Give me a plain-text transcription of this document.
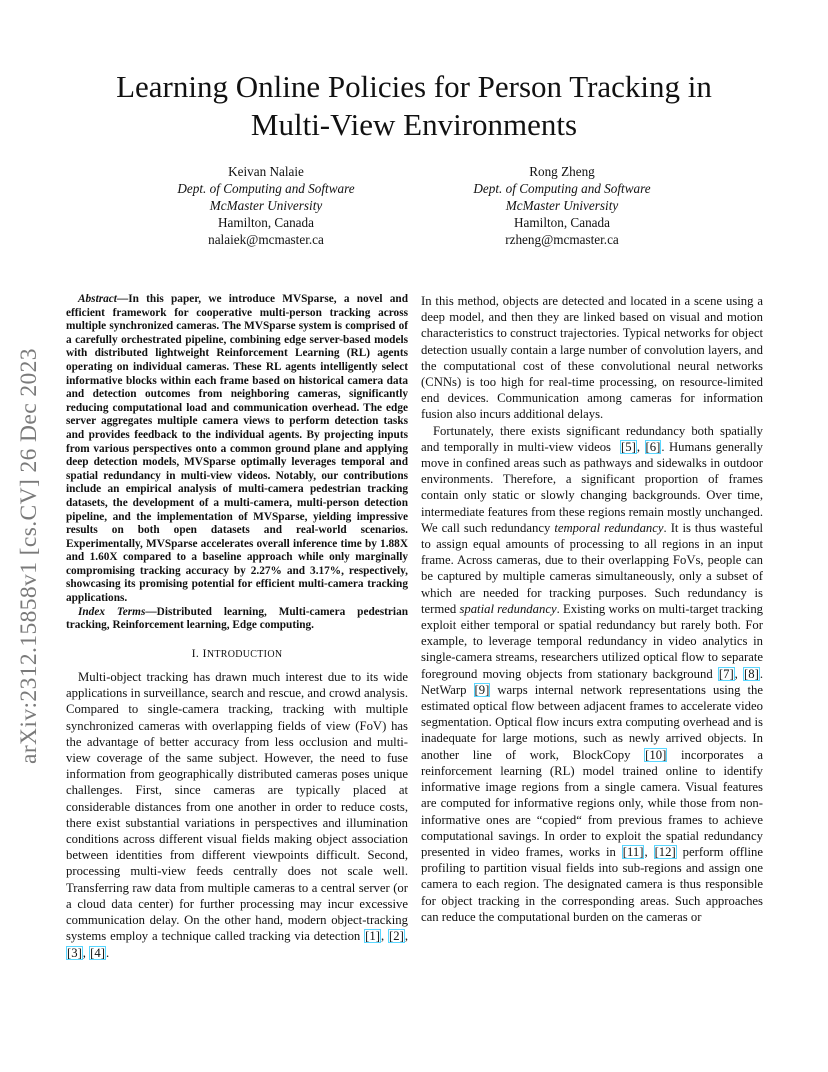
Learning Online Policies for Person Tracking in
Multi-View Environments
Keivan Nalaie
Dept. of Computing and Software
McMaster University
Hamilton, Canada
nalaiek@mcmaster.ca
Rong Zheng
Dept. of Computing and Software
McMaster University
Hamilton, Canada
rzheng@mcmaster.ca
arXiv:2312.15858v1 [cs.CV] 26 Dec 2023

Abstract—In this paper, we introduce MVSparse, a novel and efficient framework for cooperative multi-person tracking across multiple synchronized cameras. The MVSparse system is comprised of a carefully orchestrated pipeline, combining edge server-based models with distributed lightweight Reinforcement Learning (RL) agents operating on individual cameras. These RL agents intelligently select informative blocks within each frame based on historical camera data and detection outcomes from neighboring cameras, significantly reducing computational load and communication overhead. The edge server aggregates multiple camera views to perform detection tasks and provides feedback to the individual agents. By projecting inputs from various perspectives onto a common ground plane and applying deep detection models, MVSparse optimally leverages temporal and spatial redundancy in multi-view videos. Notably, our contributions include an empirical analysis of multi-camera pedestrian tracking datasets, the development of a multi-camera, multi-person detection pipeline, and the implementation of MVSparse, yielding impressive results on both open datasets and real-world scenarios. Experimentally, MVSparse accelerates overall inference time by 1.88X and 1.60X compared to a baseline approach while only marginally compromising tracking accuracy by 2.27% and 3.17%, respectively, showcasing its promising potential for efficient multi-camera tracking applications.

Index Terms—Distributed learning, Multi-camera pedestrian tracking, Reinforcement learning, Edge computing.

I. INTRODUCTION

Multi-object tracking has drawn much interest due to its wide applications in surveillance, search and rescue, and crowd analysis. Compared to single-camera tracking, tracking with multiple synchronized cameras with overlapping fields of view (FoV) has the advantage of better accuracy from less occlusion and multi-view coverage of the same subject. However, the need to fuse information from geographically distributed cameras poses unique challenges. First, since cameras are typically placed at considerable distances from one another in order to reduce costs, there exist substantial variations in perspectives and illumination conditions across different visual fields making object association between identities from different viewpoints difficult. Second, processing multi-view feeds centrally does not scale well. Transferring raw data from multiple cameras to a central server (or a cloud data center) for further processing may incur excessive communication delay. On the other hand, modern object-tracking systems employ a technique called tracking via detection [1], [2], [3], [4].

In this method, objects are detected and located in a scene using a deep model, and then they are linked based on visual and motion characteristics to construct trajectories. Typical networks for object detection usually contain a large number of convolution layers, and the computational cost of these convolutional neural networks (CNNs) is too high for real-time processing, on resource-limited end devices. Communication among cameras for information fusion also incurs additional delays.

Fortunately, there exists significant redundancy both spatially and temporally in multi-view videos [5], [6]. Humans generally move in confined areas such as pathways and sidewalks in outdoor environments. Therefore, a significant proportion of frames contain only static or slowly changing backgrounds. Over time, intermediate features from these regions remain mostly unchanged. We call such redundancy temporal redundancy. It is thus wasteful to assign equal amounts of processing to all regions in an input frame. Across cameras, due to their overlapping FoVs, people can be captured by multiple cameras simultaneously, only a subset of which are needed for tracking purposes. Such redundancy is termed spatial redundancy. Existing works on multi-target tracking exploit either temporal or spatial redundancy but rarely both. For example, to leverage temporal redundancy in video analytics in single-camera streams, researchers utilized optical flow to separate foreground moving objects from stationary background [7], [8]. NetWarp [9] warps internal network representations using the estimated optical flow between adjacent frames to accelerate video segmentation. Optical flow incurs extra computing overhead and is inadequate for large motions, such as newly arrived objects. In another line of work, BlockCopy [10] incorporates a reinforcement learning (RL) model trained online to identify informative image regions from a single camera. Visual features are computed for informative regions only, while those from non-informative ones are “copied“ from previous frames to achieve computational savings. In order to exploit the spatial redundancy presented in video frames, works in [11], [12] perform offline profiling to partition visual fields into sub-regions and assign one camera to each region. The designated camera is thus responsible for object tracking in the corresponding areas. Such approaches can reduce the computational burden on the cameras or
